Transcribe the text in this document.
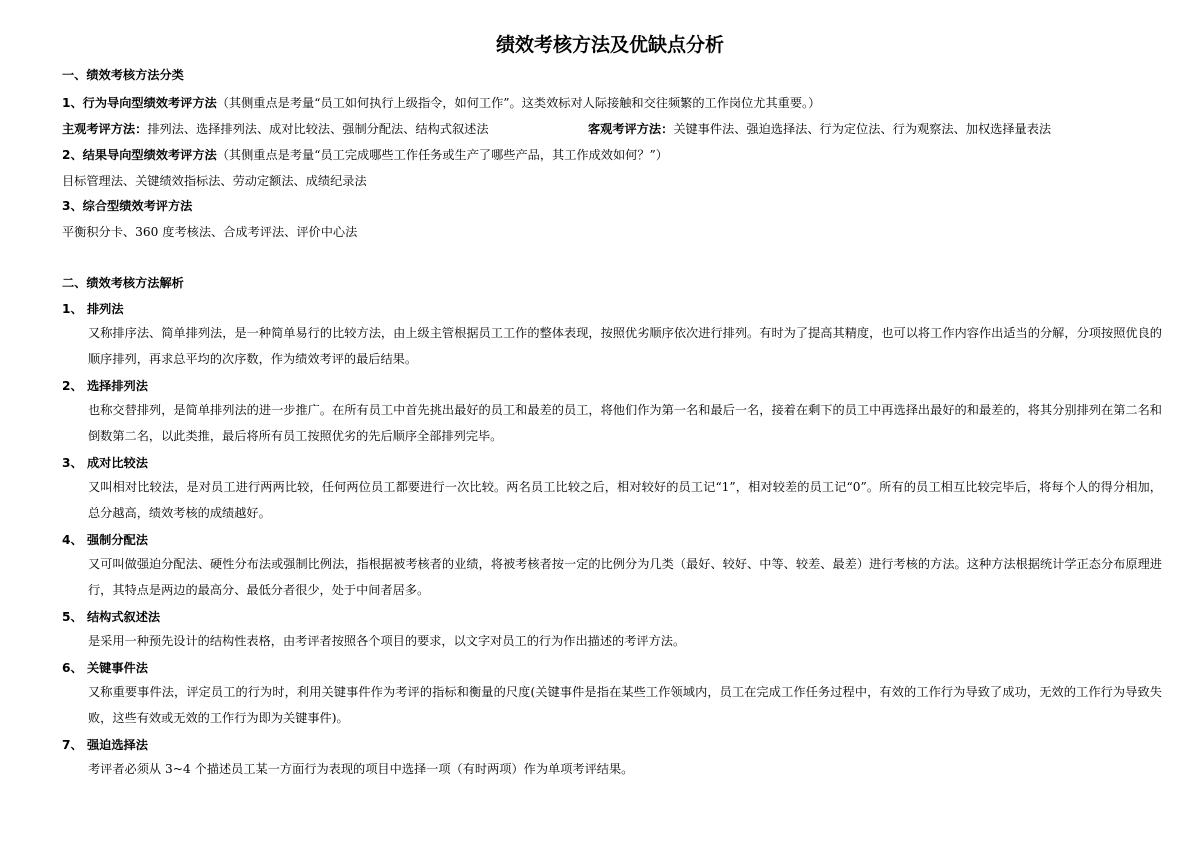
绩效考核方法及优缺点分析
一、绩效考核方法分类
1、行为导向型绩效考评方法（其侧重点是考量“员工如何执行上级指令，如何工作”。这类效标对人际接触和交往频繁的工作岗位尤其重要。）
主观考评方法：排列法、选择排列法、成对比较法、强制分配法、结构式叙述法	客观考评方法：关键事件法、强迫选择法、行为定位法、行为观察法、加权选择量表法
2、结果导向型绩效考评方法（其侧重点是考量“员工完成哪些工作任务或生产了哪些产品，其工作成效如何？”）
目标管理法、关键绩效指标法、劳动定额法、成绩纪录法
3、综合型绩效考评方法
平衡积分卡、360 度考核法、合成考评法、评价中心法
二、绩效考核方法解析
1、 排列法

又称排序法、简单排列法，是一种简单易行的比较方法，由上级主管根据员工工作的整体表现，按照优劣顺序依次进行排列。有时为了提高其精度，也可以将工作内容作出适当的分解，分项按照优良的顺序排列，再求总平均的次序数，作为绩效考评的最后结果。

2、 选择排列法

也称交替排列，是简单排列法的进一步推广。在所有员工中首先挑出最好的员工和最差的员工，将他们作为第一名和最后一名，接着在剩下的员工中再选择出最好的和最差的，将其分别排列在第二名和倒数第二名，以此类推，最后将所有员工按照优劣的先后顺序全部排列完毕。

3、 成对比较法

又叫相对比较法，是对员工进行两两比较，任何两位员工都要进行一次比较。两名员工比较之后，相对较好的员工记“1”，相对较差的员工记“0”。所有的员工相互比较完毕后，将每个人的得分相加，总分越高，绩效考核的成绩越好。

4、 强制分配法

又可叫做强迫分配法、硬性分布法或强制比例法，指根据被考核者的业绩，将被考核者按一定的比例分为几类（最好、较好、中等、较差、最差）进行考核的方法。这种方法根据统计学正态分布原理进行，其特点是两边的最高分、最低分者很少，处于中间者居多。

5、 结构式叙述法

是采用一种预先设计的结构性表格，由考评者按照各个项目的要求，以文字对员工的行为作出描述的考评方法。

6、 关键事件法

又称重要事件法，评定员工的行为时，利用关键事件作为考评的指标和衡量的尺度(关键事件是指在某些工作领域内，员工在完成工作任务过程中，有效的工作行为导致了成功，无效的工作行为导致失败，这些有效或无效的工作行为即为关键事件)。

7、 强迫选择法

考评者必须从 3~4 个描述员工某一方面行为表现的项目中选择一项（有时两项）作为单项考评结果。
